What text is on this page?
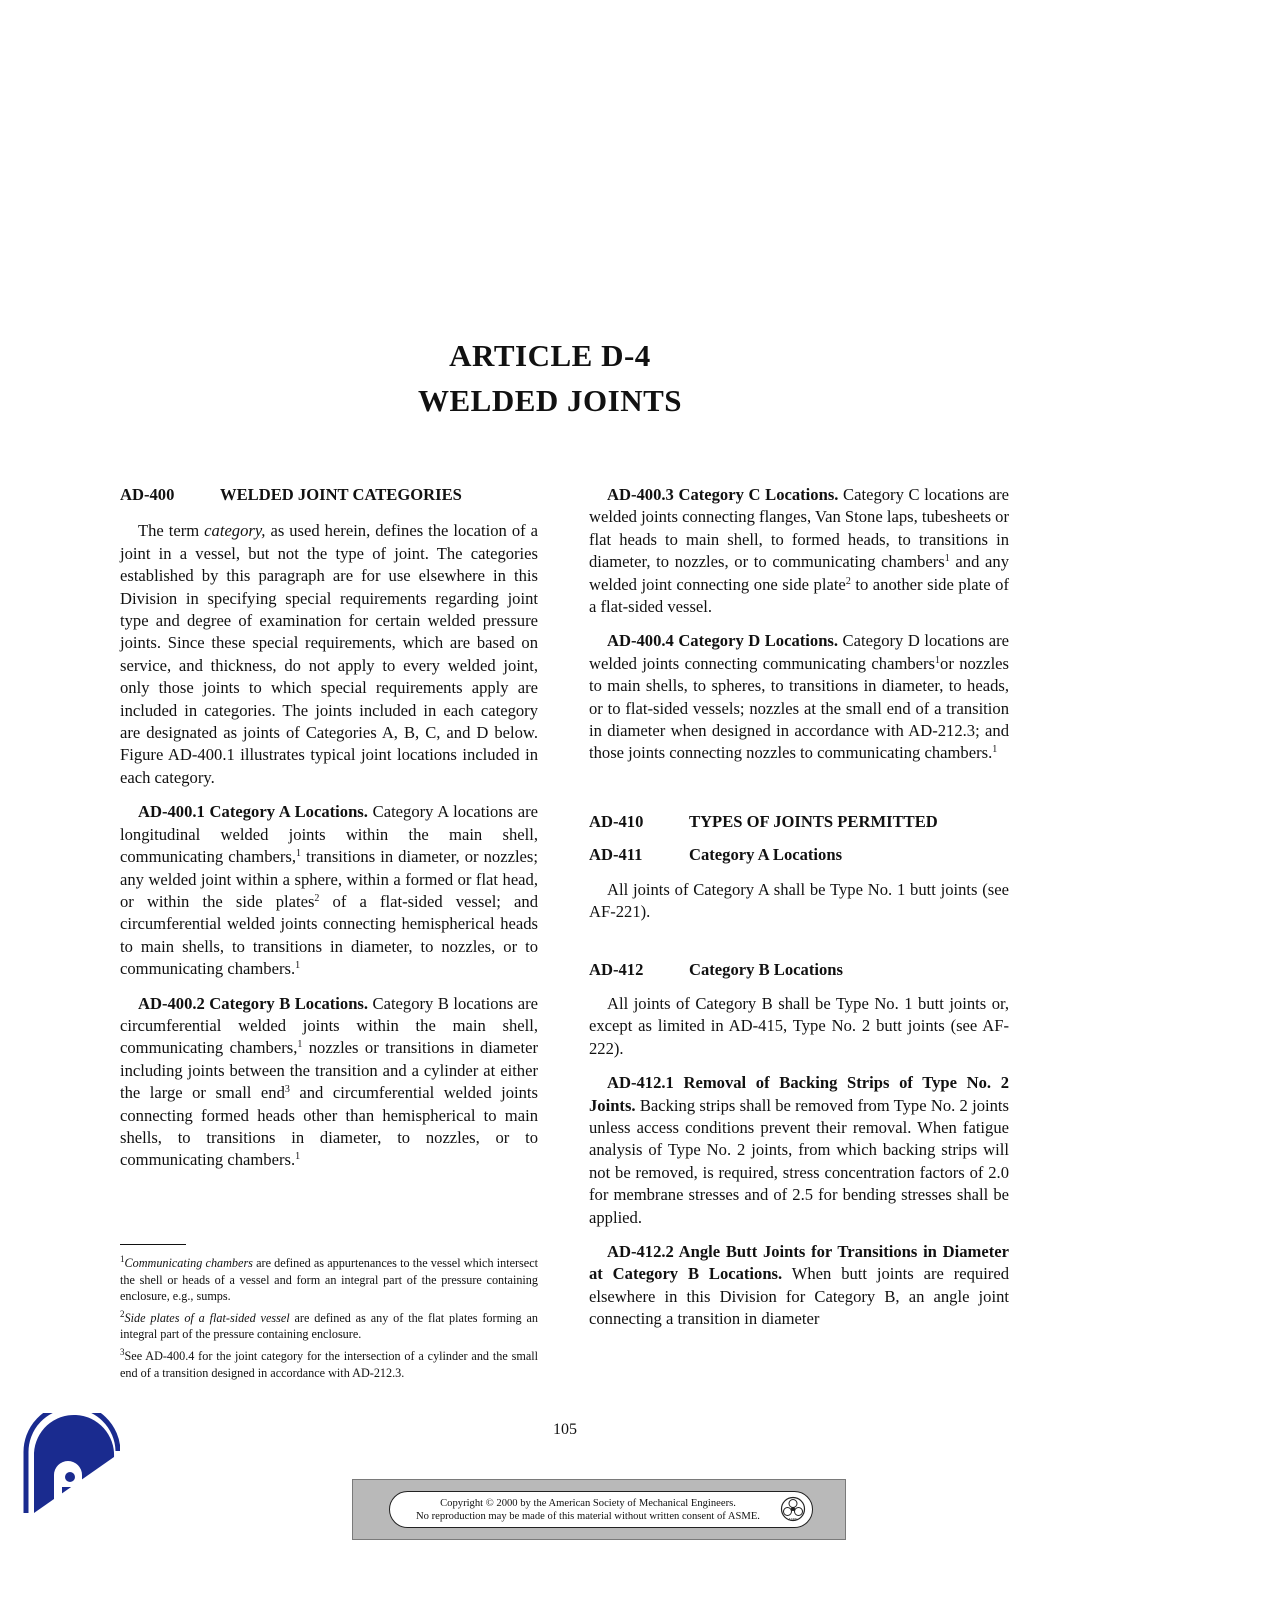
ARTICLE D-4
WELDED JOINTS
AD-400	WELDED JOINT CATEGORIES

The term category, as used herein, defines the location of a joint in a vessel, but not the type of joint. The categories established by this paragraph are for use elsewhere in this Division in specifying special requirements regarding joint type and degree of examination for certain welded pressure joints. Since these special requirements, which are based on service, and thickness, do not apply to every welded joint, only those joints to which special requirements apply are included in categories. The joints included in each category are designated as joints of Categories A, B, C, and D below. Figure AD-400.1 illustrates typical joint locations included in each category.

AD-400.1 Category A Locations. Category A locations are longitudinal welded joints within the main shell, communicating chambers,$^1$ transitions in diameter, or nozzles; any welded joint within a sphere, within a formed or flat head, or within the side plates$^2$ of a flat-sided vessel; and circumferential welded joints connecting hemispherical heads to main shells, to transitions in diameter, to nozzles, or to communicating chambers.$^1$

AD-400.2 Category B Locations. Category B locations are circumferential welded joints within the main shell, communicating chambers,$^1$ nozzles or transitions in diameter including joints between the transition and a cylinder at either the large or small end$^3$ and circumferential welded joints connecting formed heads other than hemispherical to main shells, to transitions in diameter, to nozzles, or to communicating chambers.$^1$

$^1$Communicating chambers are defined as appurtenances to the vessel which intersect the shell or heads of a vessel and form an integral part of the pressure containing enclosure, e.g., sumps.

$^2$Side plates of a flat-sided vessel are defined as any of the flat plates forming an integral part of the pressure containing enclosure.

$^3$See AD-400.4 for the joint category for the intersection of a cylinder and the small end of a transition designed in accordance with AD-212.3.

AD-400.3 Category C Locations. Category C locations are welded joints connecting flanges, Van Stone laps, tubesheets or flat heads to main shell, to formed heads, to transitions in diameter, to nozzles, or to communicating chambers$^1$ and any welded joint connecting one side plate$^2$ to another side plate of a flat-sided vessel.

AD-400.4 Category D Locations. Category D locations are welded joints connecting communicating chambers$^1$or nozzles to main shells, to spheres, to transitions in diameter, to heads, or to flat-sided vessels; nozzles at the small end of a transition in diameter when designed in accordance with AD-212.3; and those joints connecting nozzles to communicating chambers.$^1$

AD-410	TYPES OF JOINTS PERMITTED
AD-411	Category A Locations

All joints of Category A shall be Type No. 1 butt joints (see AF-221).

AD-412	Category B Locations

All joints of Category B shall be Type No. 1 butt joints or, except as limited in AD-415, Type No. 2 butt joints (see AF-222).

AD-412.1 Removal of Backing Strips of Type No. 2 Joints. Backing strips shall be removed from Type No. 2 joints unless access conditions prevent their removal. When fatigue analysis of Type No. 2 joints, from which backing strips will not be removed, is required, stress concentration factors of 2.0 for membrane stresses and of 2.5 for bending stresses shall be applied.

AD-412.2 Angle Butt Joints for Transitions in Diameter at Category B Locations. When butt joints are required elsewhere in this Division for Category B, an angle joint connecting a transition in diameter

105
Copyright © 2000 by the American Society of Mechanical Engineers.
No reproduction may be made of this material without written consent of ASME.	ASME
